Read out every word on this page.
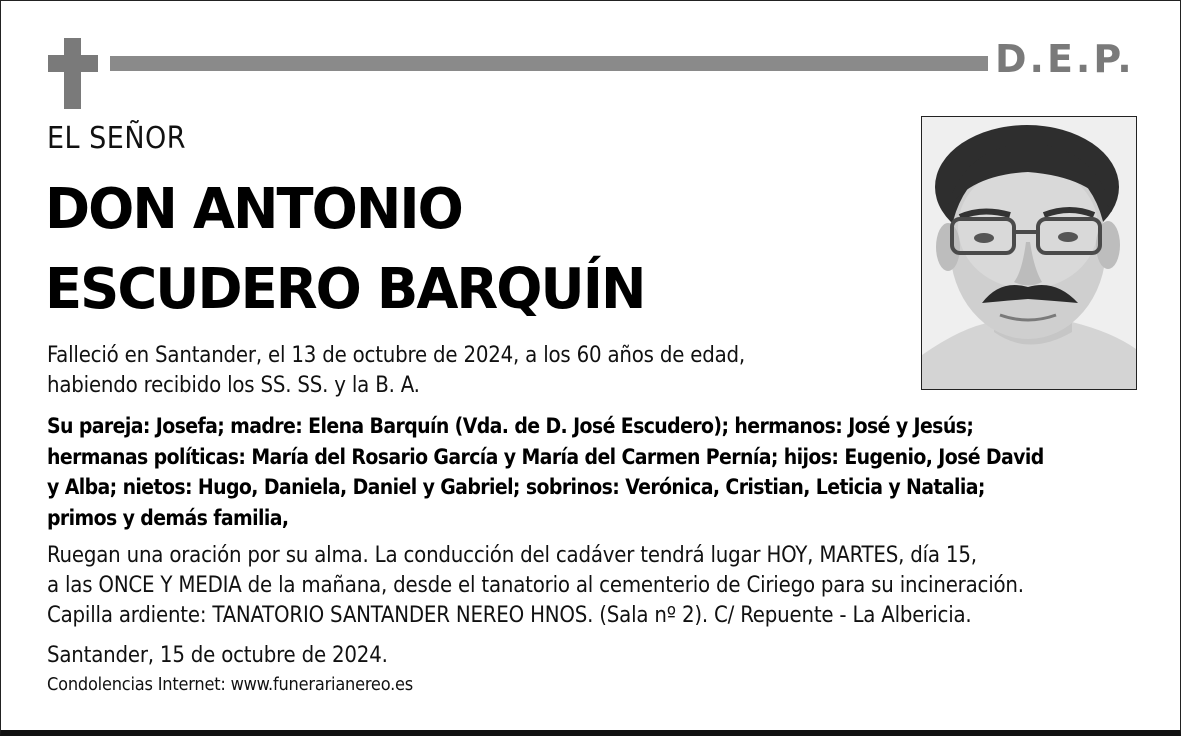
D.E.P.
EL SEÑOR
DON ANTONIO
ESCUDERO BARQUÍN
Falleció en Santander, el 13 de octubre de 2024, a los 60 años de edad,
habiendo recibido los SS. SS. y la B. A.
Su pareja: Josefa; madre: Elena Barquín (Vda. de D. José Escudero); hermanos: José y Jesús;
hermanas políticas: María del Rosario García y María del Carmen Pernía; hijos: Eugenio, José David
y Alba; nietos: Hugo, Daniela, Daniel y Gabriel; sobrinos: Verónica, Cristian, Leticia y Natalia;
primos y demás familia,
Ruegan una oración por su alma. La conducción del cadáver tendrá lugar HOY, MARTES, día 15,
a las ONCE Y MEDIA de la mañana, desde el tanatorio al cementerio de Ciriego para su incineración.
Capilla ardiente: TANATORIO SANTANDER NEREO HNOS. (Sala nº 2). C/ Repuente - La Albericia.
Santander, 15 de octubre de 2024.
Condolencias Internet: www.funerarianereo.es
